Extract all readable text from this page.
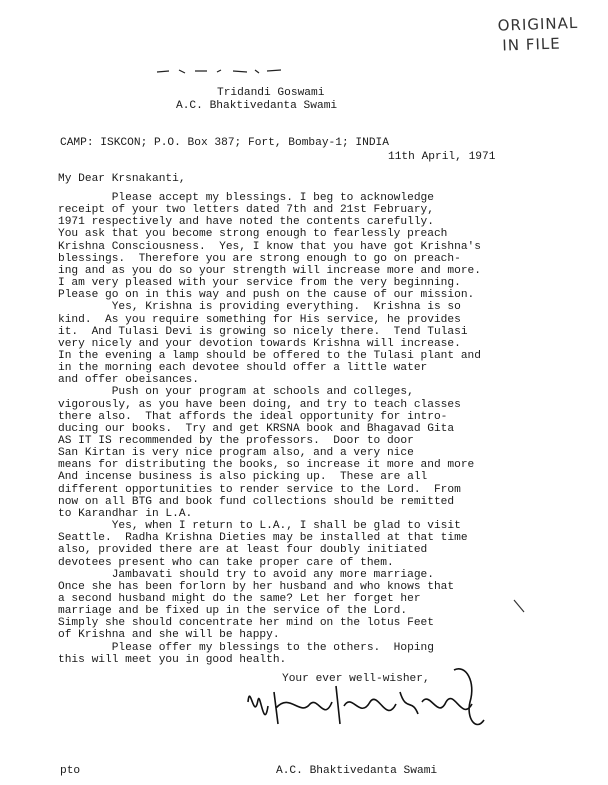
ORIGINAL
IN FILE
Tridandi Goswami
A.C. Bhaktivedanta Swami
CAMP: ISKCON; P.O. Box 387; Fort, Bombay-1; INDIA
11th April, 1971
My Dear Krsnakanti,
Please accept my blessings. I beg to acknowledge
receipt of your two letters dated 7th and 21st February,
1971 respectively and have noted the contents carefully.
You ask that you become strong enough to fearlessly preach
Krishna Consciousness.  Yes, I know that you have got Krishna's
blessings.  Therefore you are strong enough to go on preach-
ing and as you do so your strength will increase more and more.
I am very pleased with your service from the very beginning.
Please go on in this way and push on the cause of our mission.
Yes, Krishna is providing everything.  Krishna is so
kind.  As you require something for His service, he provides
it.  And Tulasi Devi is growing so nicely there.  Tend Tulasi
very nicely and your devotion towards Krishna will increase.
In the evening a lamp should be offered to the Tulasi plant and
in the morning each devotee should offer a little water
and offer obeisances.
Push on your program at schools and colleges,
vigorously, as you have been doing, and try to teach classes
there also.  That affords the ideal opportunity for intro-
ducing our books.  Try and get KRSNA book and Bhagavad Gita
AS IT IS recommended by the professors.  Door to door
San Kirtan is very nice program also, and a very nice
means for distributing the books, so increase it more and more
And incense business is also picking up.  These are all
different opportunities to render service to the Lord.  From
now on all BTG and book fund collections should be remitted
to Karandhar in L.A.
Yes, when I return to L.A., I shall be glad to visit
Seattle.  Radha Krishna Dieties may be installed at that time
also, provided there are at least four doubly initiated
devotees present who can take proper care of them.
Jambavati should try to avoid any more marriage.
Once she has been forlorn by her husband and who knows that
a second husband might do the same? Let her forget her
marriage and be fixed up in the service of the Lord.
Simply she should concentrate her mind on the lotus Feet
of Krishna and she will be happy.
Please offer my blessings to the others.  Hoping
this will meet you in good health.
Your ever well-wisher,
A.C. Bhaktivedanta Swami
pto
